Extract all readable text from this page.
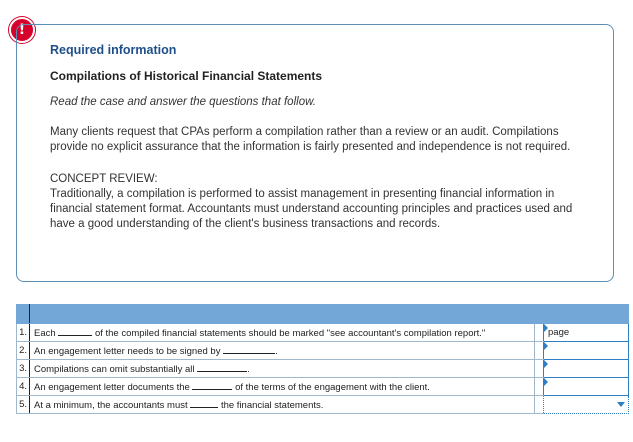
!
Required information
Compilations of Historical Financial Statements
Read the case and answer the questions that follow.
Many clients request that CPAs perform a compilation rather than a review or an audit. Compilations provide no explicit assurance that the information is fairly presented and independence is not required.
CONCEPT REVIEW:
Traditionally, a compilation is performed to assist management in presenting financial information in financial statement format. Accountants must understand accounting principles and practices used and have a good understanding of the client's business transactions and records.

1.	Each of the compiled financial statements should be marked "see accountant's compilation report."		page
2.	An engagement letter needs to be signed by .		

3.	Compilations can omit substantially all .		

4.	An engagement letter documents the of the terms of the engagement with the client.		

5.	At a minimum, the accountants must the financial statements.		
